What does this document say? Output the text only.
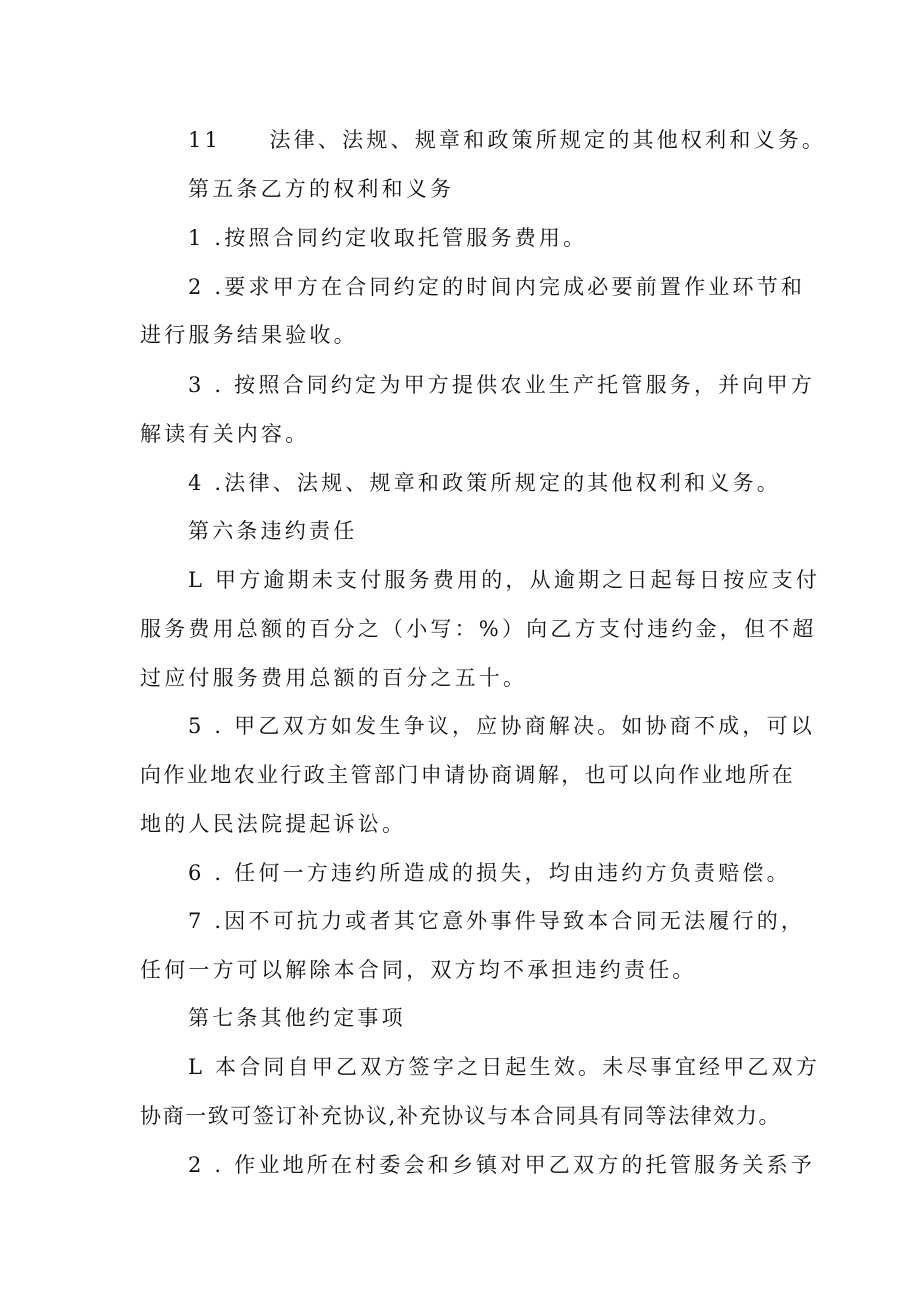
11　　法律、法规、规章和政策所规定的其他权利和义务。
第五条乙方的权利和义务
1 .按照合同约定收取托管服务费用。
2 .要求甲方在合同约定的时间内完成必要前置作业环节和
进行服务结果验收。
3 . 按照合同约定为甲方提供农业生产托管服务，并向甲方
解读有关内容。
4 .法律、法规、规章和政策所规定的其他权利和义务。
第六条违约责任
L 甲方逾期未支付服务费用的，从逾期之日起每日按应支付
服务费用总额的百分之（小写：%）向乙方支付违约金，但不超
过应付服务费用总额的百分之五十。
5 . 甲乙双方如发生争议，应协商解决。如协商不成，可以
向作业地农业行政主管部门申请协商调解，也可以向作业地所在
地的人民法院提起诉讼。
6 . 任何一方违约所造成的损失，均由违约方负责赔偿。
7 .因不可抗力或者其它意外事件导致本合同无法履行的，
任何一方可以解除本合同，双方均不承担违约责任。
第七条其他约定事项
L 本合同自甲乙双方签字之日起生效。未尽事宜经甲乙双方
协商一致可签订补充协议,补充协议与本合同具有同等法律效力。
2 . 作业地所在村委会和乡镇对甲乙双方的托管服务关系予
